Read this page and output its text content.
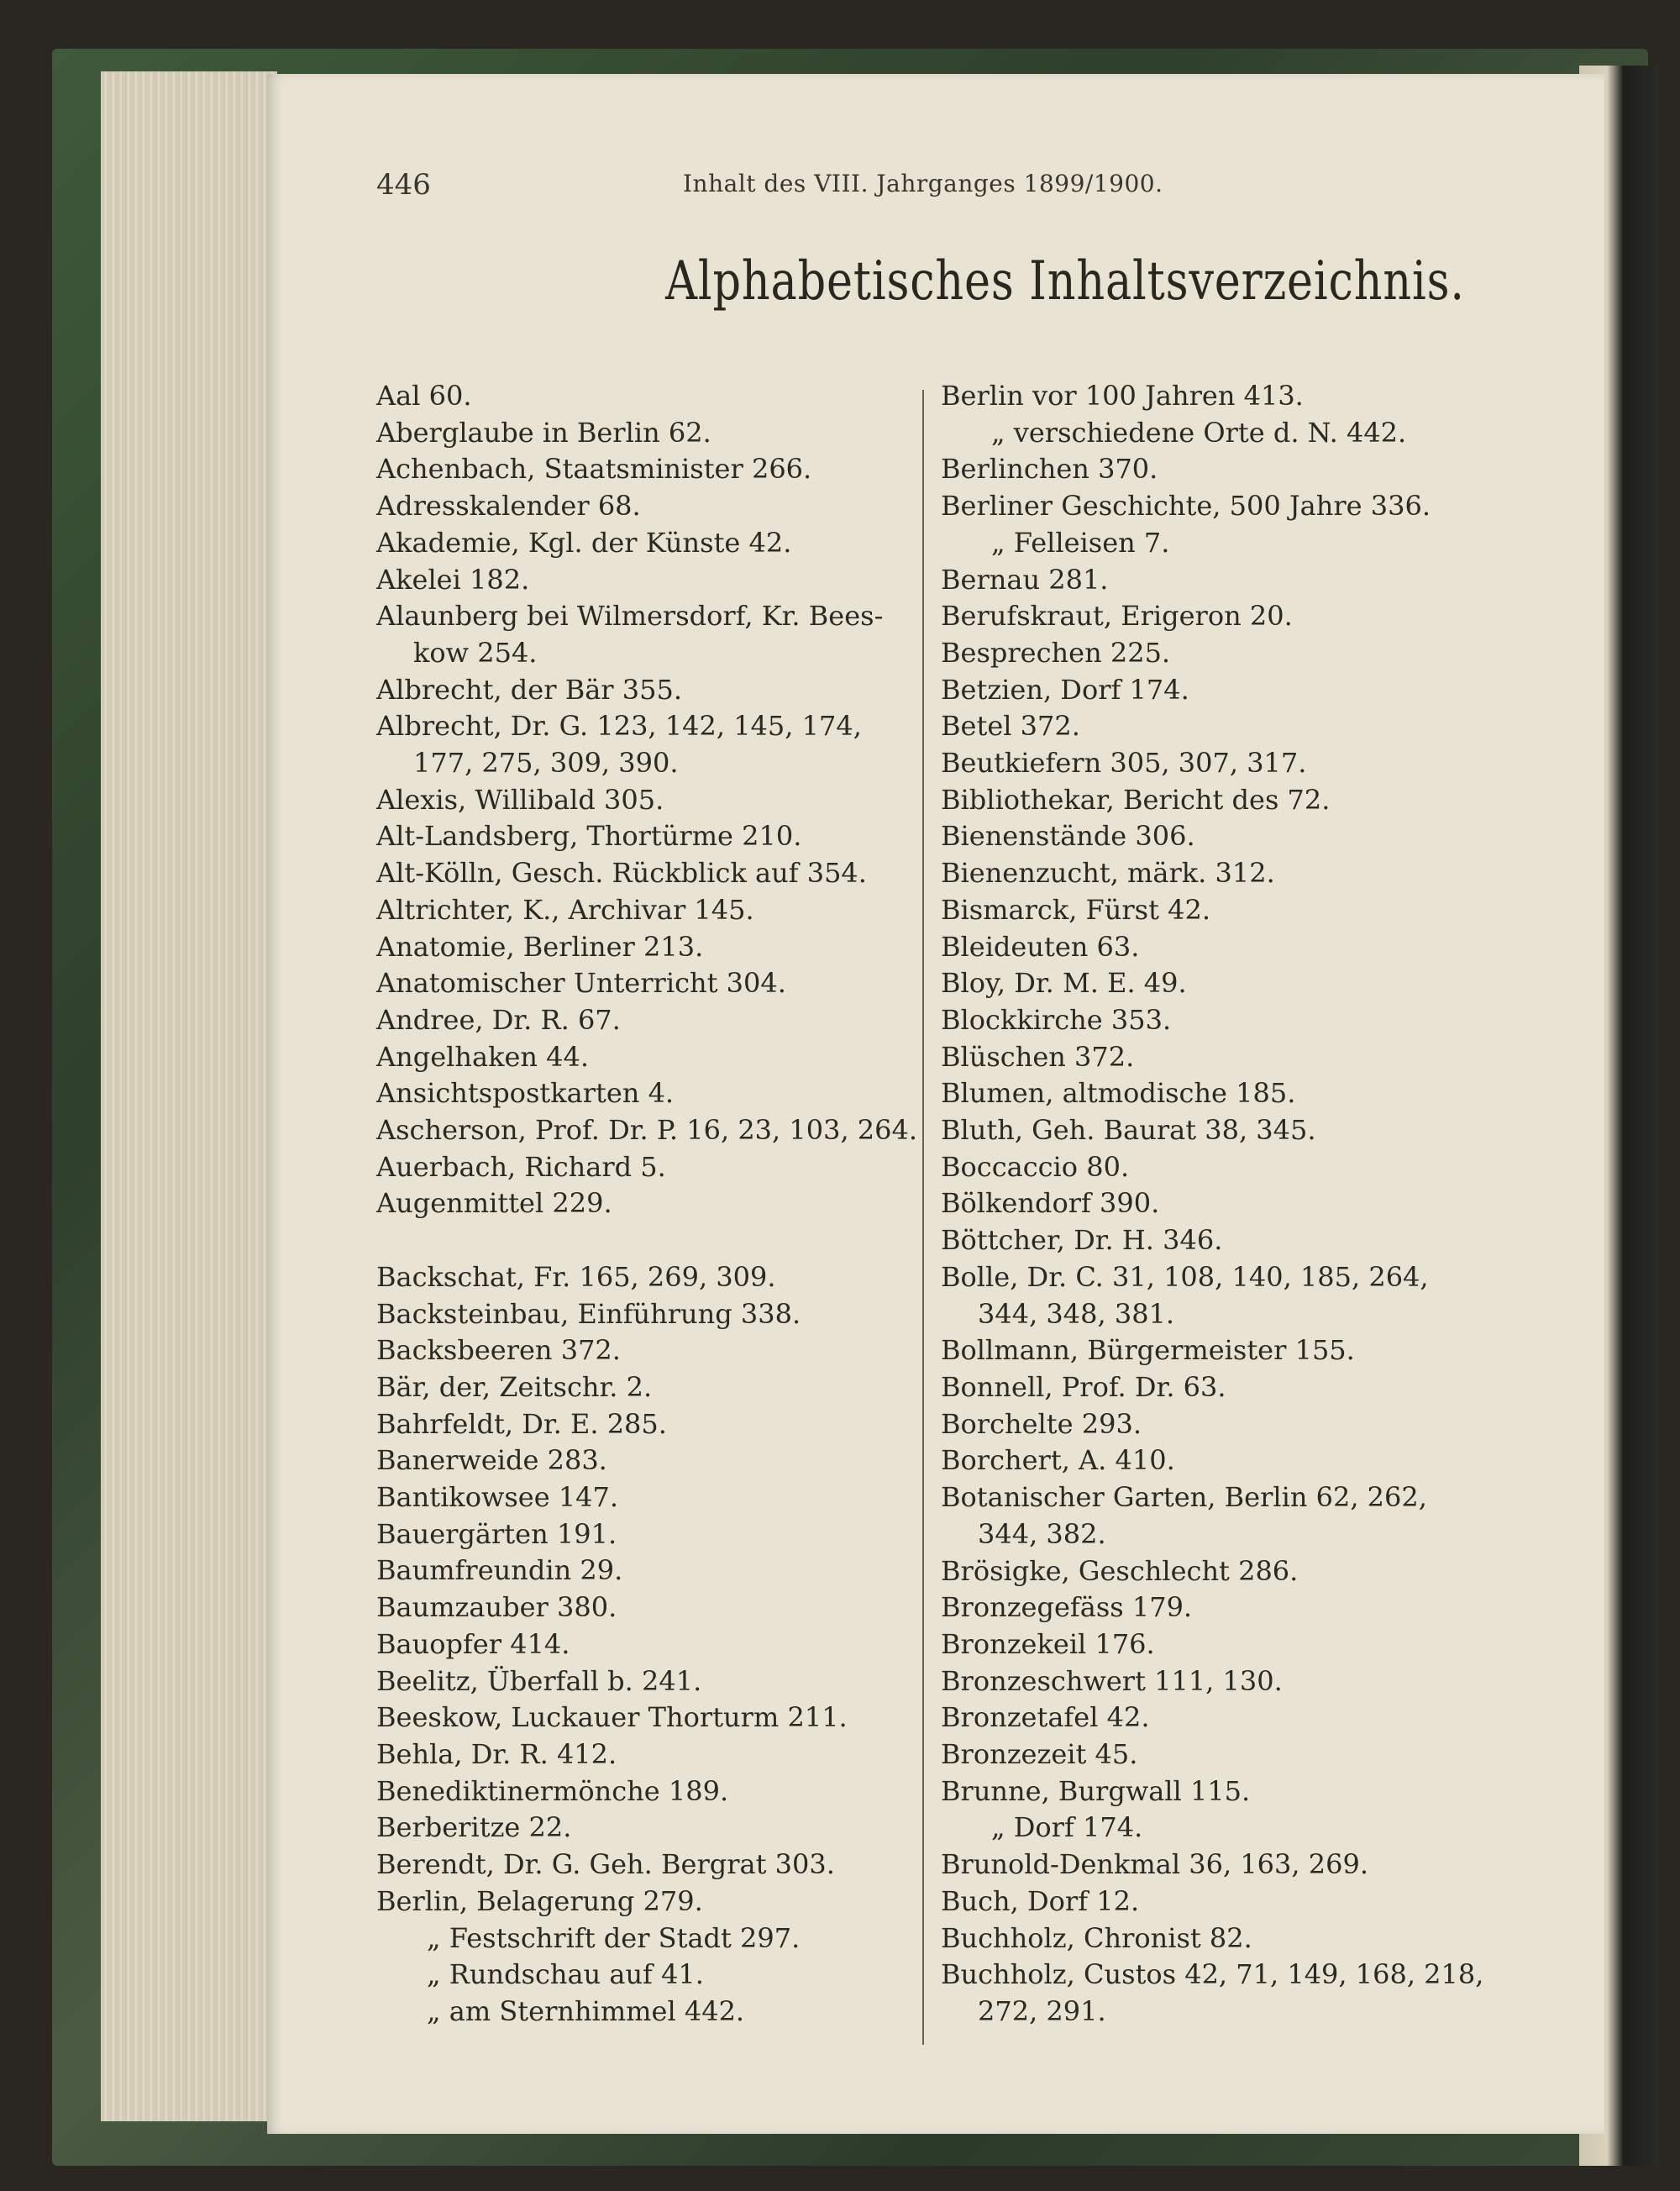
446	Inhalt des VIII. Jahrganges 1899/1900.
Alphabetisches Inhaltsverzeichnis.
Aal 60.
Aberglaube in Berlin 62.
Achenbach, Staatsminister 266.
Adresskalender 68.
Akademie, Kgl. der Künste 42.
Akelei 182.
Alaunberg bei Wilmersdorf, Kr. Bees-
kow 254.
Albrecht, der Bär 355.
Albrecht, Dr. G. 123, 142, 145, 174,
177, 275, 309, 390.
Alexis, Willibald 305.
Alt-Landsberg, Thortürme 210.
Alt-Kölln, Gesch. Rückblick auf 354.
Altrichter, K., Archivar 145.
Anatomie, Berliner 213.
Anatomischer Unterricht 304.
Andree, Dr. R. 67.
Angelhaken 44.
Ansichtspostkarten 4.
Ascherson, Prof. Dr. P. 16, 23, 103, 264.
Auerbach, Richard 5.
Augenmittel 229.
Backschat, Fr. 165, 269, 309.
Backsteinbau, Einführung 338.
Backsbeeren 372.
Bär, der, Zeitschr. 2.
Bahrfeldt, Dr. E. 285.
Banerweide 283.
Bantikowsee 147.
Bauergärten 191.
Baumfreundin 29.
Baumzauber 380.
Bauopfer 414.
Beelitz, Überfall b. 241.
Beeskow, Luckauer Thorturm 211.
Behla, Dr. R. 412.
Benediktinermönche 189.
Berberitze 22.
Berendt, Dr. G. Geh. Bergrat 303.
Berlin, Belagerung 279.
„ Festschrift der Stadt 297.
„ Rundschau auf 41.
„ am Sternhimmel 442.
Berlin vor 100 Jahren 413.
„ verschiedene Orte d. N. 442.
Berlinchen 370.
Berliner Geschichte, 500 Jahre 336.
„ Felleisen 7.
Bernau 281.
Berufskraut, Erigeron 20.
Besprechen 225.
Betzien, Dorf 174.
Betel 372.
Beutkiefern 305, 307, 317.
Bibliothekar, Bericht des 72.
Bienenstände 306.
Bienenzucht, märk. 312.
Bismarck, Fürst 42.
Bleideuten 63.
Bloy, Dr. M. E. 49.
Blockkirche 353.
Blüschen 372.
Blumen, altmodische 185.
Bluth, Geh. Baurat 38, 345.
Boccaccio 80.
Bölkendorf 390.
Böttcher, Dr. H. 346.
Bolle, Dr. C. 31, 108, 140, 185, 264,
344, 348, 381.
Bollmann, Bürgermeister 155.
Bonnell, Prof. Dr. 63.
Borchelte 293.
Borchert, A. 410.
Botanischer Garten, Berlin 62, 262,
344, 382.
Brösigke, Geschlecht 286.
Bronzegefäss 179.
Bronzekeil 176.
Bronzeschwert 111, 130.
Bronzetafel 42.
Bronzezeit 45.
Brunne, Burgwall 115.
„ Dorf 174.
Brunold-Denkmal 36, 163, 269.
Buch, Dorf 12.
Buchholz, Chronist 82.
Buchholz, Custos 42, 71, 149, 168, 218,
272, 291.
